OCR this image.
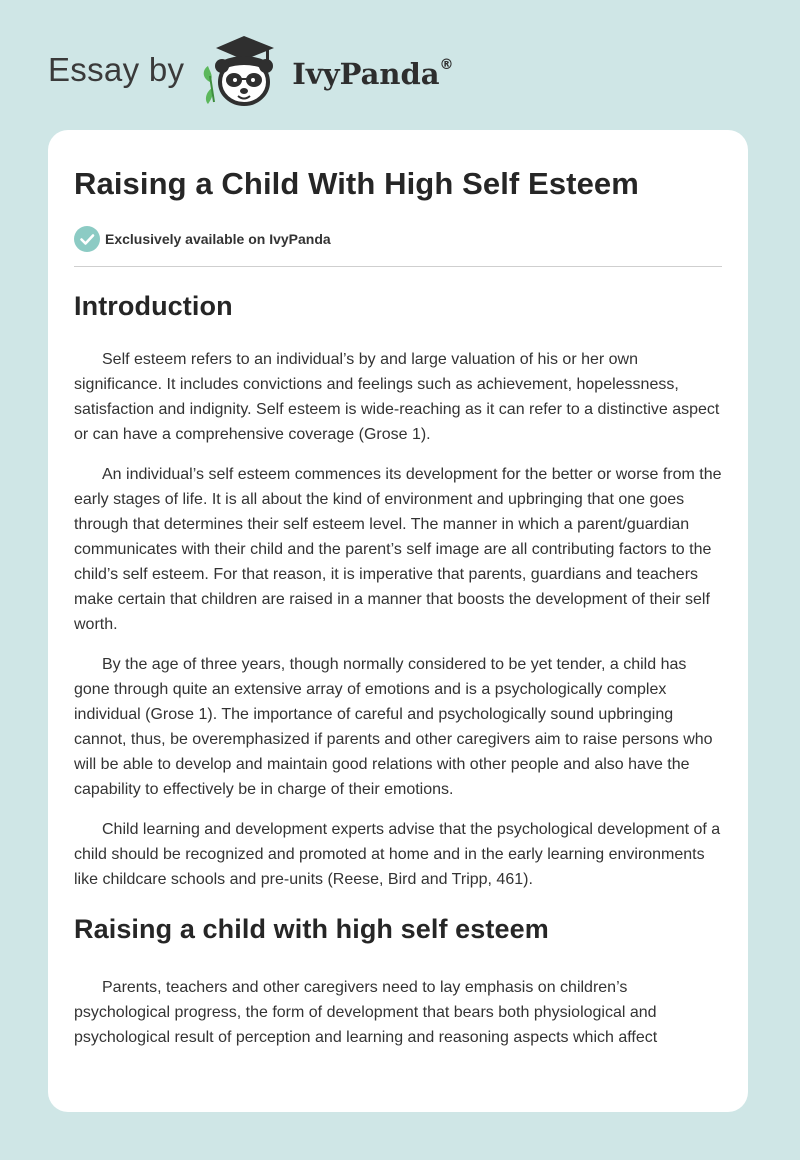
Essay by	IvyPanda®
Raising a Child With High Self Esteem
Exclusively available on IvyPanda
Introduction

Self esteem refers to an individual’s by and large valuation of his or her own significance. It includes convictions and feelings such as achievement, hopelessness, satisfaction and indignity. Self esteem is wide-reaching as it can refer to a distinctive aspect or can have a comprehensive coverage (Grose 1).

An individual’s self esteem commences its development for the better or worse from the early stages of life. It is all about the kind of environment and upbringing that one goes through that determines their self esteem level. The manner in which a parent/guardian communicates with their child and the parent’s self image are all contributing factors to the child’s self esteem. For that reason, it is imperative that parents, guardians and teachers make certain that children are raised in a manner that boosts the development of their self worth.

By the age of three years, though normally considered to be yet tender, a child has gone through quite an extensive array of emotions and is a psychologically complex individual (Grose 1). The importance of careful and psychologically sound upbringing cannot, thus, be overemphasized if parents and other caregivers aim to raise persons who will be able to develop and maintain good relations with other people and also have the capability to effectively be in charge of their emotions.

Child learning and development experts advise that the psychological development of a child should be recognized and promoted at home and in the early learning environments like childcare schools and pre-units (Reese, Bird and Tripp, 461).

Raising a child with high self esteem

Parents, teachers and other caregivers need to lay emphasis on children’s psychological progress, the form of development that bears both physiological and psychological result of perception and learning and reasoning aspects which affect
